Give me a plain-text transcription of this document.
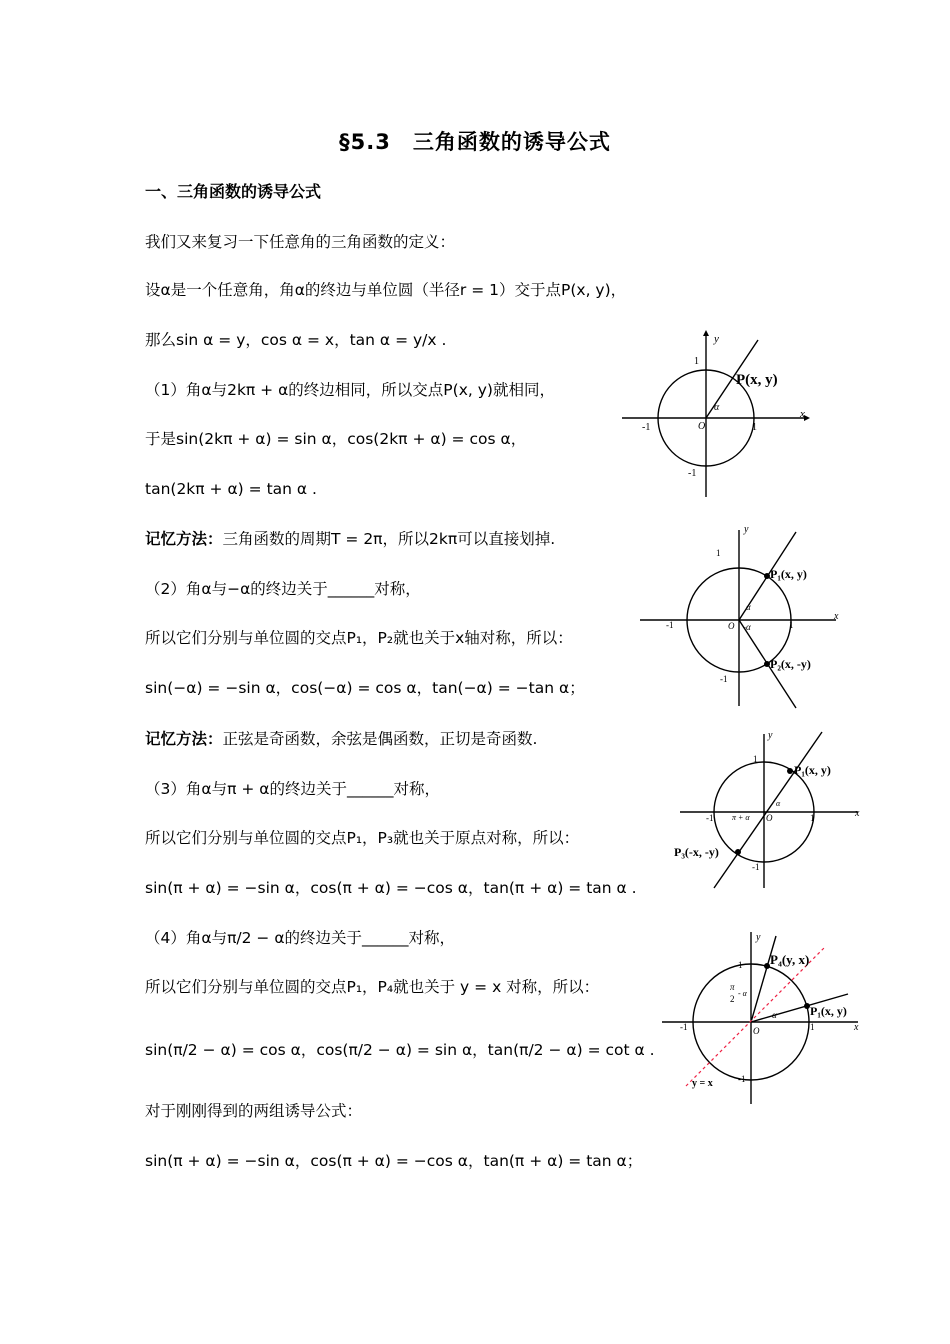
§5.3　三角函数的诱导公式
一、三角函数的诱导公式
我们又来复习一下任意角的三角函数的定义：
设α是一个任意角，角α的终边与单位圆（半径r = 1）交于点P(x, y)，
那么sin α = y，cos α = x，tan α = y/x .
（1）角α与2kπ + α的终边相同，所以交点P(x, y)就相同，
于是sin(2kπ + α) = sin α，cos(2kπ + α) = cos α，
tan(2kπ + α) = tan α .
记忆方法：三角函数的周期T = 2π，所以2kπ可以直接划掉.
（2）角α与−α的终边关于______对称，
所以它们分别与单位圆的交点P₁，P₂就也关于x轴对称，所以：
sin(−α) = −sin α，cos(−α) = cos α，tan(−α) = −tan α；
记忆方法：正弦是奇函数，余弦是偶函数，正切是奇函数.
（3）角α与π + α的终边关于______对称，
所以它们分别与单位圆的交点P₁，P₃就也关于原点对称，所以：
sin(π + α) = −sin α，cos(π + α) = −cos α，tan(π + α) = tan α .
（4）角α与π/2 − α的终边关于______对称，
所以它们分别与单位圆的交点P₁，P₄就也关于 y = x 对称，所以：
sin(π/2 − α) = cos α，cos(π/2 − α) = sin α，tan(π/2 − α) = cot α .
对于刚刚得到的两组诱导公式：
sin(π + α) = −sin α，cos(π + α) = −cos α，tan(π + α) = tan α；
y
x
P(x, y)
α
1
1
-1
-1
O
y
x
P₁(x, y)
P₂(x, -y)
α
-α
1
1
-1
-1
O
y
x
P₁(x, y)
P₃(-x, -y)
α
π + α
1
1
-1
-1
O
y
x
P₄(y, x)
P₁(x, y)
π
2
- α
α
y = x
1
1
-1
-1
O
